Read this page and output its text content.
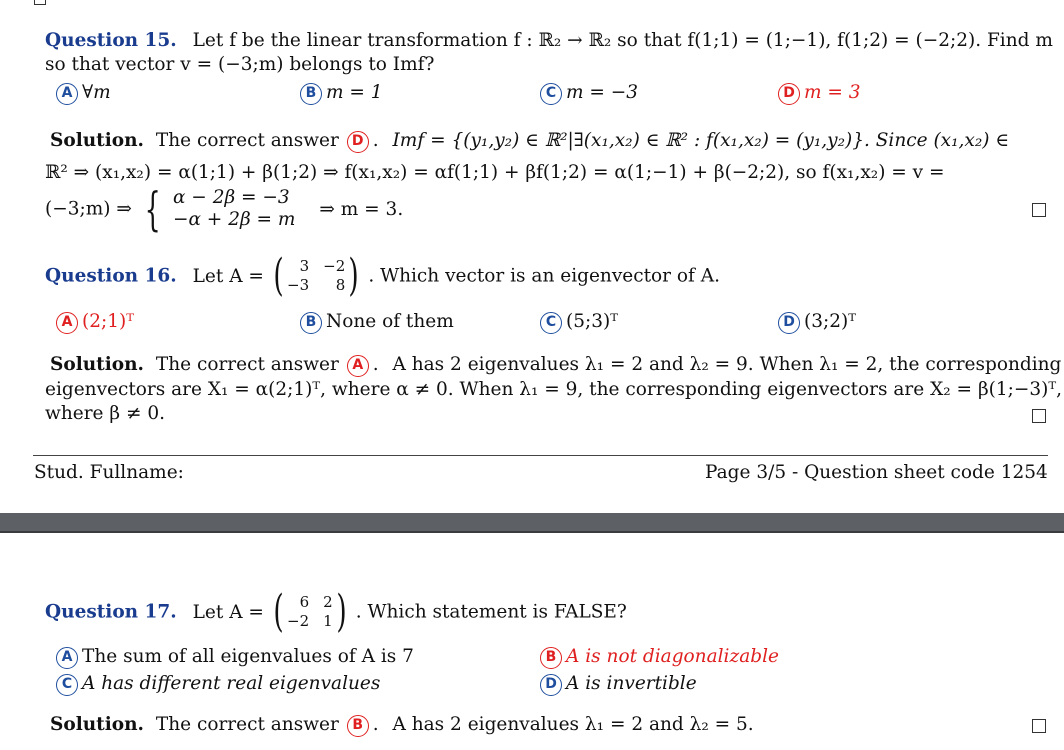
Question 15. Let f be the linear transformation f : ℝ₂ → ℝ₂ so that f(1;1) = (1;−1), f(1;2) = (−2;2). Find m
so that vector v = (−3;m) belongs to Imf?
A ∀m	B m = 1	C m = −3	D m = 3
Solution. The correct answer D . Imf = {(y₁,y₂) ∈ ℝ²|∃(x₁,x₂) ∈ ℝ² : f(x₁,x₂) = (y₁,y₂)}. Since (x₁,x₂) ∈
ℝ² ⇒ (x₁,x₂) = α(1;1) + β(1;2) ⇒ f(x₁,x₂) = αf(1;1) + βf(1;2) = α(1;−1) + β(−2;2), so f(x₁,x₂) = v =
(−3;m) ⇒ { α − 2β = −3
−α + 2β = m ⇒ m = 3.
Question 16. Let A = (	3 −2
−3	8 ) . Which vector is an eigenvector of A.
A (2;1)ᵀ	B None of them	C (5;3)ᵀ	D (3;2)ᵀ
Solution. The correct answer A . A has 2 eigenvalues λ₁ = 2 and λ₂ = 9. When λ₁ = 2, the corresponding
eigenvectors are X₁ = α(2;1)ᵀ, where α ≠ 0. When λ₁ = 9, the corresponding eigenvectors are X₂ = β(1;−3)ᵀ,
where β ≠ 0.
Stud. Fullname:	Page 3/5 - Question sheet code 1254
Question 17. Let A = (	6 2
−2 1 ) . Which statement is FALSE?
A The sum of all eigenvalues of A is 7	B A is not diagonalizable
C A has different real eigenvalues	D A is invertible
Solution. The correct answer B . A has 2 eigenvalues λ₁ = 2 and λ₂ = 5.
